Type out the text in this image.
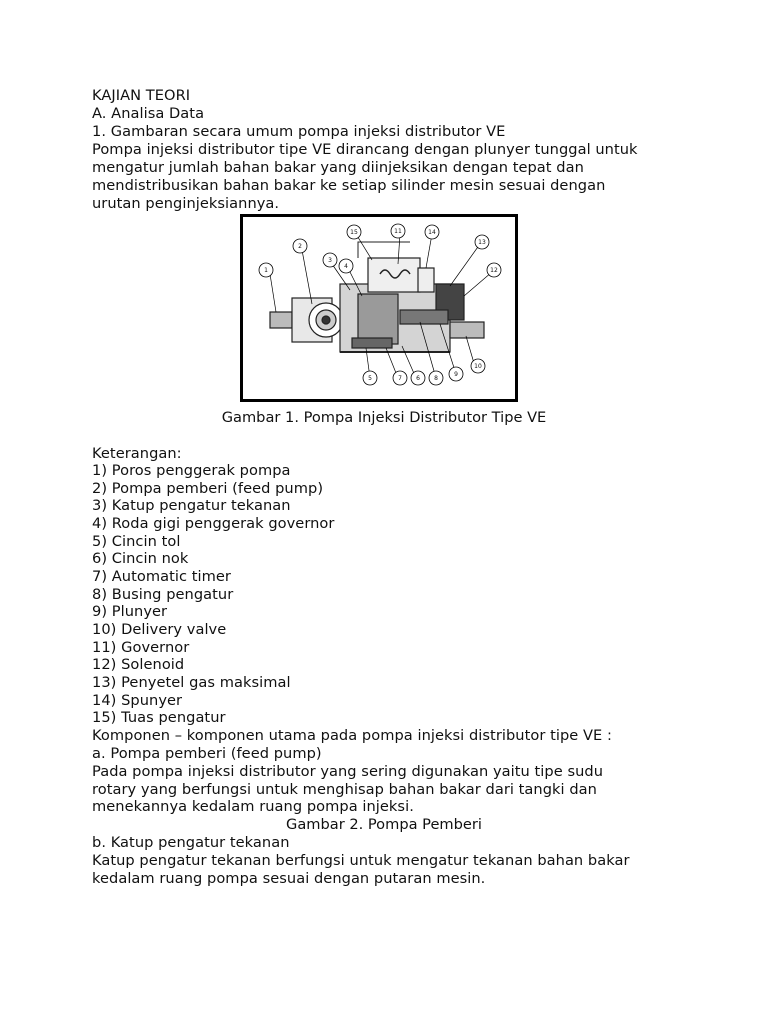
KAJIAN TEORI
A. Analisa Data
1. Gambaran secara umum pompa injeksi distributor VE
Pompa injeksi distributor tipe VE dirancang dengan plunyer tunggal untuk
mengatur jumlah bahan bakar yang diinjeksikan dengan tepat dan
mendistribusikan bahan bakar ke setiap silinder mesin sesuai dengan
urutan penginjeksiannya.
1
2
3
4
5	6
7	8
9
10
11
12
13
14
15
Gambar 1. Pompa Injeksi Distributor Tipe VE
Keterangan:
1) Poros penggerak pompa
2) Pompa pemberi (feed pump)
3) Katup pengatur tekanan
4) Roda gigi penggerak governor
5) Cincin tol
6) Cincin nok
7) Automatic timer
8) Busing pengatur
9) Plunyer
10) Delivery valve
11) Governor
12) Solenoid
13) Penyetel gas maksimal
14) Spunyer
15) Tuas pengatur
Komponen – komponen utama pada pompa injeksi distributor tipe VE :
a. Pompa pemberi (feed pump)
Pada pompa injeksi distributor yang sering digunakan yaitu tipe sudu
rotary yang berfungsi untuk menghisap bahan bakar dari tangki dan
menekannya kedalam ruang pompa injeksi.
Gambar 2. Pompa Pemberi
b. Katup pengatur tekanan
Katup pengatur tekanan berfungsi untuk mengatur tekanan bahan bakar
kedalam ruang pompa sesuai dengan putaran mesin.
